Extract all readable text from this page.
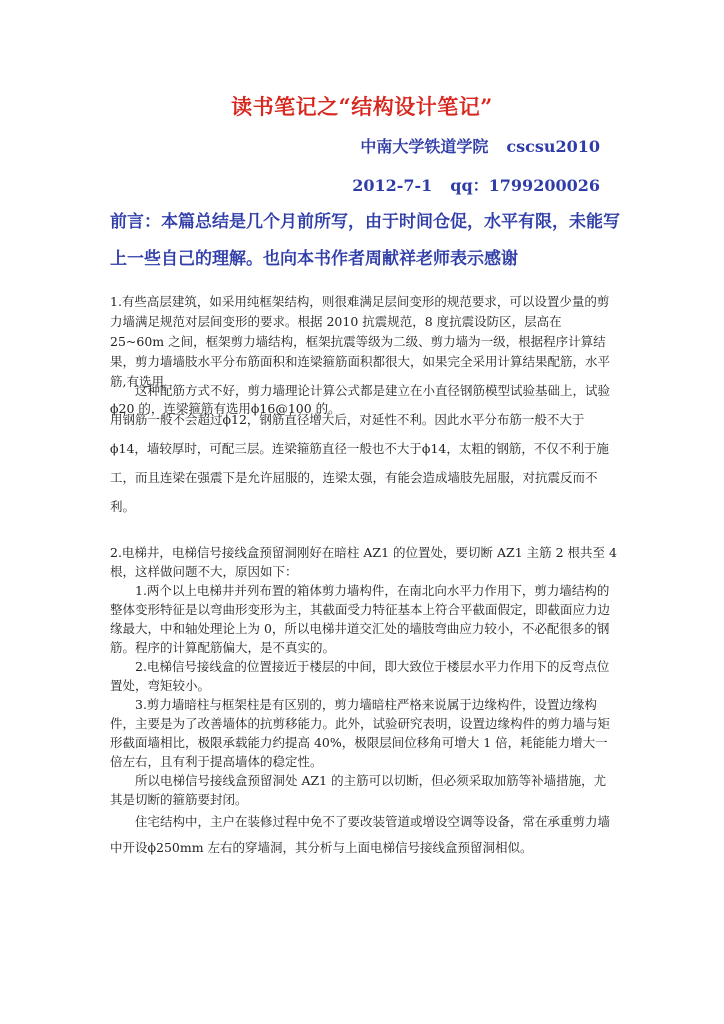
读书笔记之“结构设计笔记”
中南大学铁道学院 cscsu2010
2012-7-1 qq：1799200026
前言：本篇总结是几个月前所写，由于时间仓促，水平有限，未能写上一些自己的理解。也向本书作者周献祥老师表示感谢
1.有些高层建筑，如采用纯框架结构，则很难满足层间变形的规范要求，可以设置少量的剪力墙满足规范对层间变形的要求。根据 2010 抗震规范，8 度抗震设防区，层高在 25~60m 之间，框架剪力墙结构，框架抗震等级为二级、剪力墙为一级，根据程序计算结果，剪力墙墙肢水平分布筋面积和连梁箍筋面积都很大，如果完全采用计算结果配筋，水平筋,有选用
ϕ20 的，连梁箍筋有选用ϕ16@100 的。
这种配筋方式不好，剪力墙理论计算公式都是建立在小直径钢筋模型试验基础上，试验用钢筋一般不会超过ϕ12，钢筋直径增大后，对延性不利。因此水平分布筋一般不大于ϕ14，墙较厚时，可配三层。连梁箍筋直径一般也不大于ϕ14，太粗的钢筋，不仅不利于施工，而且连梁在强震下是允许屈服的，连梁太强，有能会造成墙肢先屈服，对抗震反而不利。

2.电梯井，电梯信号接线盒预留洞刚好在暗柱 AZ1 的位置处，要切断 AZ1 主筋 2 根共至 4 根，这样做问题不大，原因如下：

1.两个以上电梯井并列布置的箱体剪力墙构件，在南北向水平力作用下，剪力墙结构的整体变形特征是以弯曲形变形为主，其截面受力特征基本上符合平截面假定，即截面应力边缘最大，中和轴处理论上为 0，所以电梯井道交汇处的墙肢弯曲应力较小，不必配很多的钢筋。程序的计算配筋偏大，是不真实的。

2.电梯信号接线盒的位置接近于楼层的中间，即大致位于楼层水平力作用下的反弯点位置处，弯矩较小。

3.剪力墙暗柱与框架柱是有区别的，剪力墙暗柱严格来说属于边缘构件，设置边缘构件，主要是为了改善墙体的抗剪移能力。此外，试验研究表明，设置边缘构件的剪力墙与矩形截面墙相比，极限承载能力约提高 40%，极限层间位移角可增大 1 倍，耗能能力增大一倍左右，且有利于提高墙体的稳定性。

所以电梯信号接线盒预留洞处 AZ1 的主筋可以切断，但必须采取加筋等补墙措施，尤其是切断的箍筋要封闭。

住宅结构中，主户在装修过程中免不了要改装管道或增设空调等设备，常在承重剪力墙中开设ϕ250mm 左右的穿墙洞，其分析与上面电梯信号接线盒预留洞相似。
